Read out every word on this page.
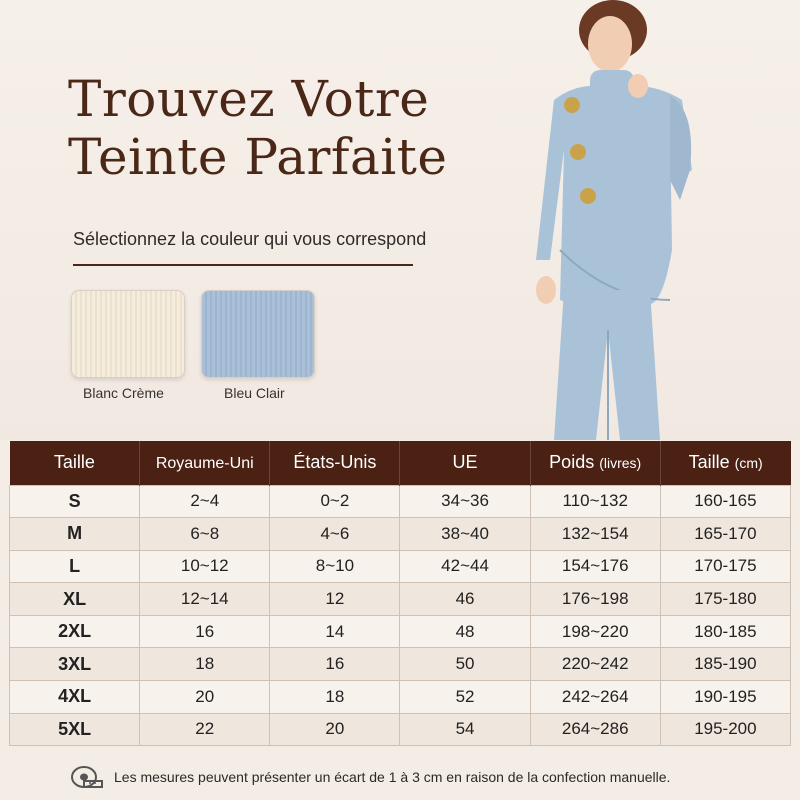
Trouvez Votre
Teinte Parfaite
Sélectionnez la couleur qui vous correspond
Blanc Crème	Bleu Clair
Taille	Royaume-Uni	États-Unis	UE	Poids (livres)	Taille (cm)
S	2~4	0~2	34~36	110~132	160-165
M	6~8	4~6	38~40	132~154	165-170
L	10~12	8~10	42~44	154~176	170-175
XL	12~14	12	46	176~198	175-180
2XL	16	14	48	198~220	180-185
3XL	18	16	50	220~242	185-190
4XL	20	18	52	242~264	190-195
5XL	22	20	54	264~286	195-200
Les mesures peuvent présenter un écart de 1 à 3 cm en raison de la confection manuelle.
